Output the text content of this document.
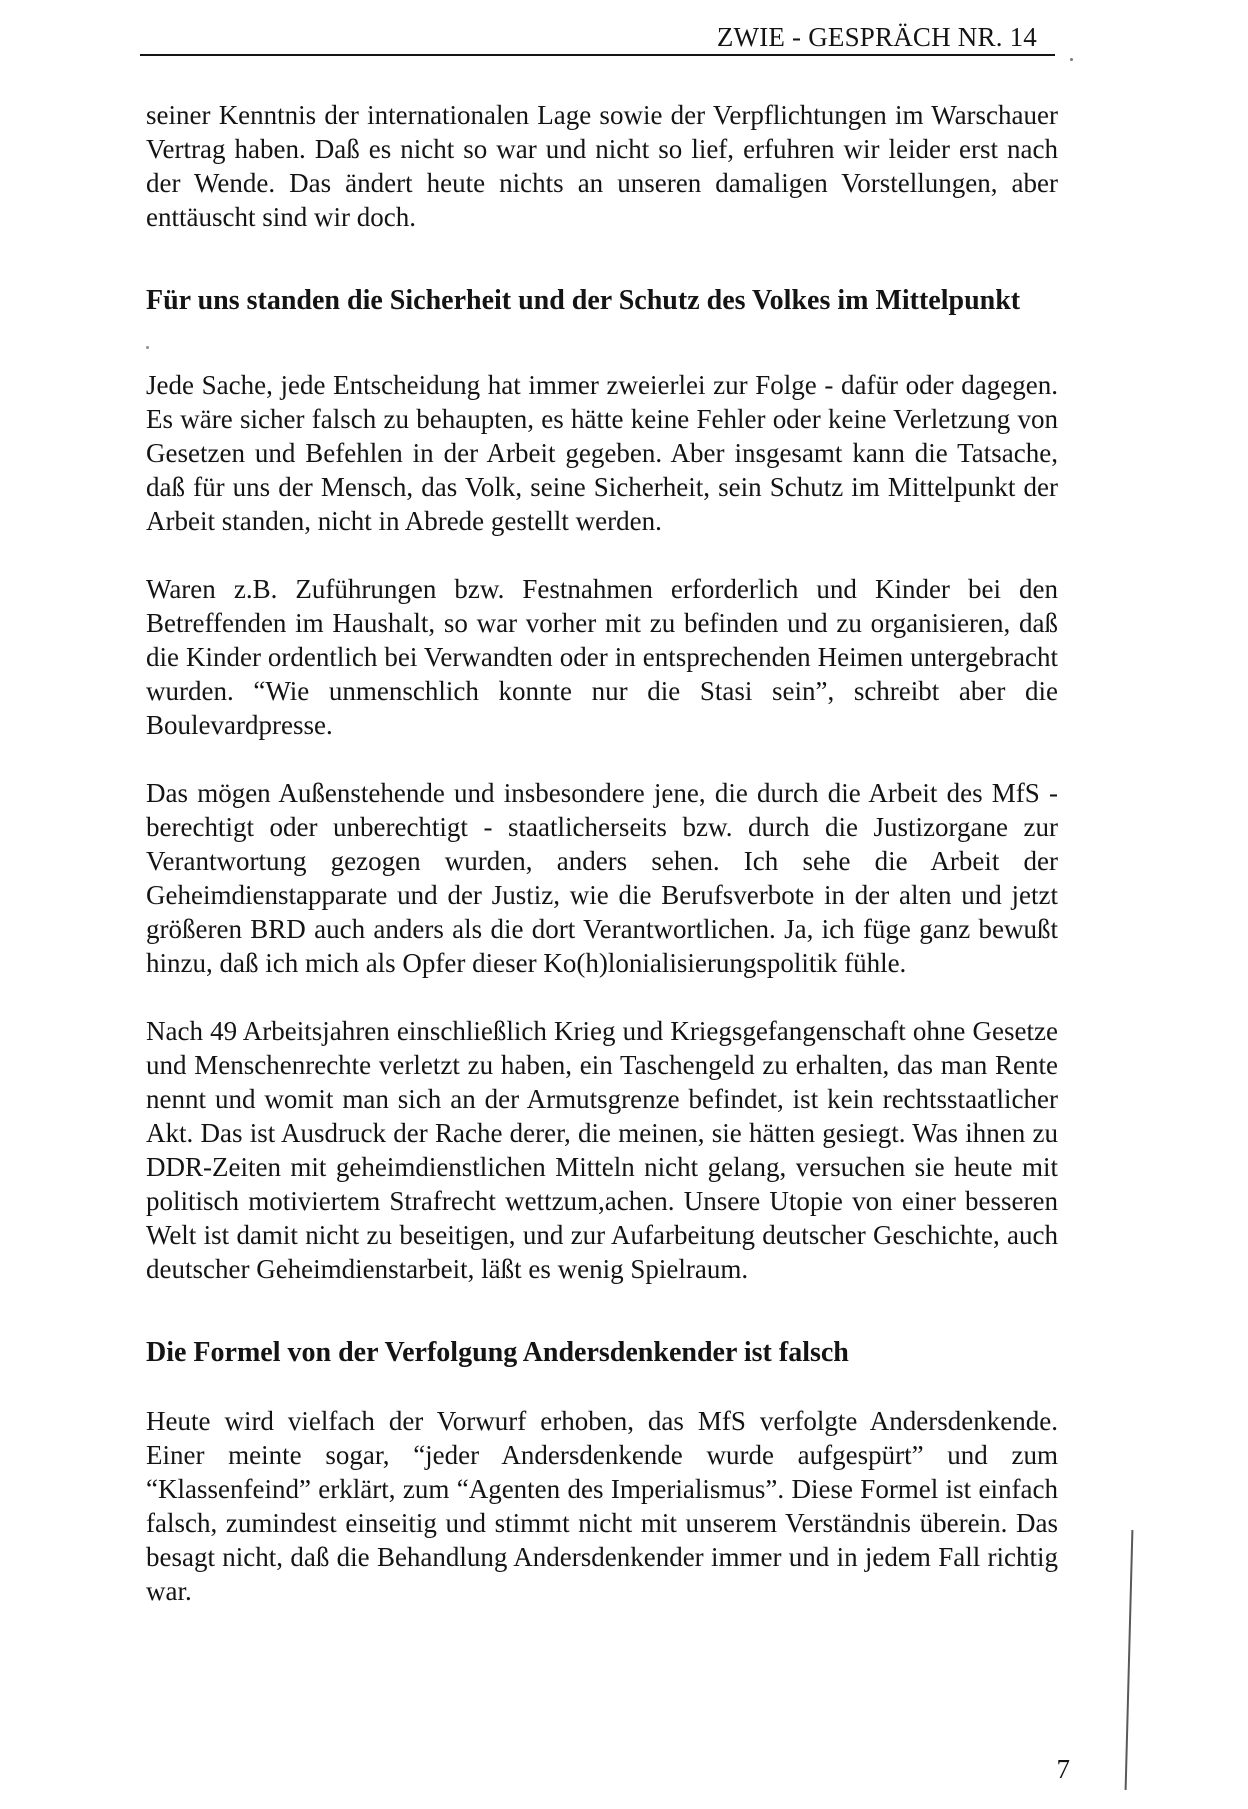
ZWIE - GESPRÄCH NR. 14

seiner Kenntnis der internationalen Lage sowie der Verpflichtungen im Warschauer Vertrag haben. Daß es nicht so war und nicht so lief, erfuhren wir leider erst nach der Wende. Das ändert heute nichts an unseren damaligen Vorstellungen, aber enttäuscht sind wir doch.

Für uns standen die Sicherheit und der Schutz des Volkes im Mittelpunkt

Jede Sache, jede Entscheidung hat immer zweierlei zur Folge - dafür oder dagegen. Es wäre sicher falsch zu behaupten, es hätte keine Fehler oder keine Verletzung von Gesetzen und Befehlen in der Arbeit gegeben. Aber insgesamt kann die Tatsache, daß für uns der Mensch, das Volk, seine Sicherheit, sein Schutz im Mittelpunkt der Arbeit standen, nicht in Abrede gestellt werden.

Waren z.B. Zuführungen bzw. Festnahmen erforderlich und Kinder bei den Betreffenden im Haushalt, so war vorher mit zu befinden und zu organisieren, daß die Kinder ordentlich bei Verwandten oder in entsprechenden Heimen untergebracht wurden. “Wie unmenschlich konnte nur die Stasi sein”, schreibt aber die Boulevardpresse.

Das mögen Außenstehende und insbesondere jene, die durch die Arbeit des MfS - berechtigt oder unberechtigt - staatlicherseits bzw. durch die Justizorgane zur Verantwortung gezogen wurden, anders sehen. Ich sehe die Arbeit der Geheimdienstapparate und der Justiz, wie die Berufsverbote in der alten und jetzt größeren BRD auch anders als die dort Verantwortlichen. Ja, ich füge ganz bewußt hinzu, daß ich mich als Opfer dieser Ko(h)lonialisierungspolitik fühle.

Nach 49 Arbeitsjahren einschließlich Krieg und Kriegsgefangenschaft ohne Gesetze und Menschenrechte verletzt zu haben, ein Taschengeld zu erhalten, das man Rente nennt und womit man sich an der Armutsgrenze befindet, ist kein rechtsstaatlicher Akt. Das ist Ausdruck der Rache derer, die meinen, sie hätten gesiegt. Was ihnen zu DDR-Zeiten mit geheimdienstlichen Mitteln nicht gelang, versuchen sie heute mit politisch motiviertem Strafrecht wettzum,achen. Unsere Utopie von einer besseren Welt ist damit nicht zu beseitigen, und zur Aufarbeitung deutscher Geschichte, auch deutscher Geheimdienstarbeit, läßt es wenig Spielraum.

Die Formel von der Verfolgung Andersdenkender ist falsch

Heute wird vielfach der Vorwurf erhoben, das MfS verfolgte Andersdenkende. Einer meinte sogar, “jeder Andersdenkende wurde aufgespürt” und zum “Klassenfeind” erklärt, zum “Agenten des Imperialismus”. Diese Formel ist einfach falsch, zumindest einseitig und stimmt nicht mit unserem Verständnis überein. Das besagt nicht, daß die Behandlung Andersdenkender immer und in jedem Fall richtig war.

7
